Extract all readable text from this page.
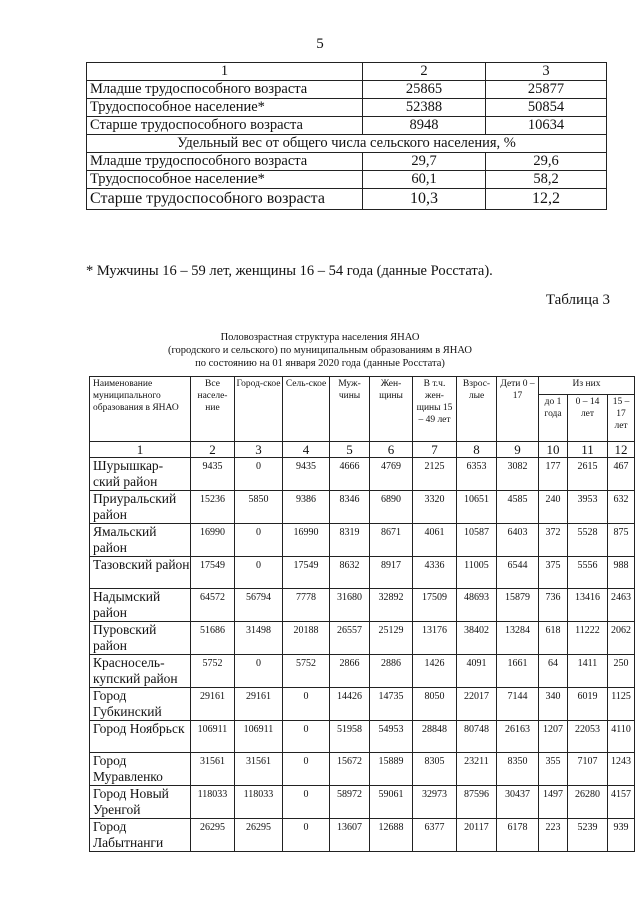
5
1	2	3
Младше трудоспособного возраста	25865	25877
Трудоспособное население*	52388	50854
Старше трудоспособного возраста	8948	10634
Удельный вес от общего числа сельского населения, %		
Младше трудоспособного возраста	29,7	29,6
Трудоспособное население*	60,1	58,2
Старше трудоспособного возраста	10,3	12,2
* Мужчины 16 – 59 лет, женщины 16 – 54 года (данные Росстата).
Таблица 3
Половозрастная структура населения ЯНАО
(городского и сельского) по муниципальным образованиям в ЯНАО
по состоянию на 01 января 2020 года (данные Росстата)
Наименование муниципального образования в ЯНАО	Все населе-ние	Город-ское	Сель-ское	Муж-чины	Жен-щины	В т.ч. жен-щины 15 – 49 лет	Взрос-лые	Дети 0 – 17	Из них		
									до 1 года	0 – 14 лет	15 – 17 лет
1	2	3	4	5	6	7	8	9	10	11	12
Шурышкар-ский район	9435	0	9435	4666	4769	2125	6353	3082	177	2615	467
Приуральский район	15236	5850	9386	8346	6890	3320	10651	4585	240	3953	632
Ямальский район	16990	0	16990	8319	8671	4061	10587	6403	372	5528	875
Тазовский район	17549	0	17549	8632	8917	4336	11005	6544	375	5556	988
Надымский район	64572	56794	7778	31680	32892	17509	48693	15879	736	13416	2463
Пуровский район	51686	31498	20188	26557	25129	13176	38402	13284	618	11222	2062
Красносель-купский район	5752	0	5752	2866	2886	1426	4091	1661	64	1411	250
Город Губкинский	29161	29161	0	14426	14735	8050	22017	7144	340	6019	1125
Город Ноябрьск	106911	106911	0	51958	54953	28848	80748	26163	1207	22053	4110
Город Муравленко	31561	31561	0	15672	15889	8305	23211	8350	355	7107	1243
Город Новый Уренгой	118033	118033	0	58972	59061	32973	87596	30437	1497	26280	4157
Город Лабытнанги	26295	26295	0	13607	12688	6377	20117	6178	223	5239	939
